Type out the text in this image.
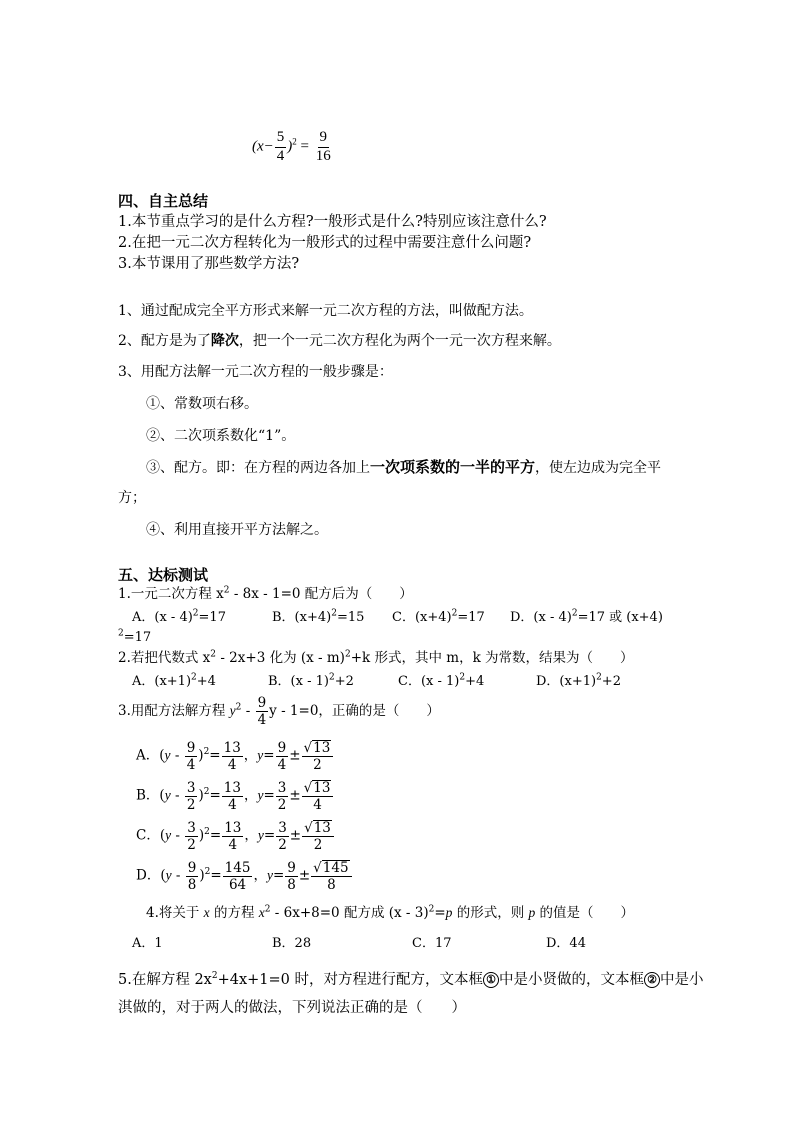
$(x- \frac{5}{4} )^2 = \frac{9}{16}$
四、自主总结
1.本节重点学习的是什么方程?一般形式是什么?特别应该注意什么?
2.在把一元二次方程转化为一般形式的过程中需要注意什么问题?
3.本节课用了那些数学方法?
1、通过配成完全平方形式来解一元二次方程的方法，叫做配方法。
2、配方是为了降次，把一个一元二次方程化为两个一元一次方程来解。
3、用配方法解一元二次方程的一般步骤是：
①、常数项右移。
②、二次项系数化“1”。
③、配方。即：在方程的两边各加上一次项系数的一半的平方，使左边成为完全平
方；
④、利用直接开平方法解之。
五、达标测试
1.一元二次方程 $x^2 - 8x - 1=0$ 配方后为（　　）
A．(x - 4)$^2$=17	B．$(x+4)^2=15$ C．$(x+4)^2=17$ D．(x - 4)$^2$=17 或 (x+4)
$^2$=17
2.若把代数式 $x^2 - 2x+3$ 化为 (x - m)$^2$+k 形式，其中 m，k 为常数，结果为（　　）
A．$(x+1)^2+4$	B．(x - 1)$^2$+2	C．(x - 1)$^2$+4	D．$(x+1)^2+2$
3.用配方法解方程 $y^2 - \frac{9}{4}$ y - 1=0，正确的是（　　）
A．$(y - \frac{9}{4} )^2= \frac{13}{4}$ ，$y= \frac{9}{4} \pm \frac{√13}{2}$
B．$(y - \frac{3}{2} )^2= \frac{13}{4}$ ，$y= \frac{3}{2} \pm \frac{√13}{4}$
C．$(y - \frac{3}{2} )^2= \frac{13}{4}$ ，$y= \frac{3}{2} \pm \frac{√13}{2}$
D．$(y - \frac{9}{8} )^2= \frac{145}{64}$ ，$y= \frac{9}{8} \pm \frac{√145}{8}$
4.将关于 x 的方程 $x^2 - 6x+8=0$ 配方成 (x - 3)$^2$=p 的形式，则 p 的值是（　　）
A．1	B．28	C．17	D．44
5.在解方程 $2x^2+4x+1=0$ 时，对方程进行配方，文本框 ① 中是小贤做的，文本框 ② 中是小
淇做的，对于两人的做法，下列说法正确的是（　　）
